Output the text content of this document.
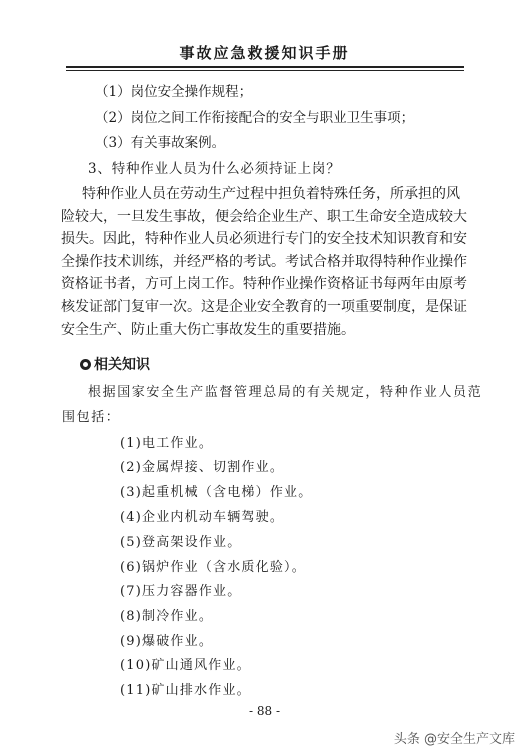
事故应急救援知识手册
（1）岗位安全操作规程；
（2）岗位之间工作衔接配合的安全与职业卫生事项；
（3）有关事故案例。
3、特种作业人员为什么必须持证上岗？
特种作业人员在劳动生产过程中担负着特殊任务，所承担的风
险较大，一旦发生事故，便会给企业生产、职工生命安全造成较大
损失。因此，特种作业人员必须进行专门的安全技术知识教育和安
全操作技术训练，并经严格的考试。考试合格并取得特种作业操作
资格证书者，方可上岗工作。特种作业操作资格证书每两年由原考
核发证部门复审一次。这是企业安全教育的一项重要制度，是保证
安全生产、防止重大伤亡事故发生的重要措施。
相关知识
根据国家安全生产监督管理总局的有关规定，特种作业人员范
围包括：
(1)电工作业。
(2)金属焊接、切割作业。
(3)起重机械（含电梯）作业。
(4)企业内机动车辆驾驶。
(5)登高架设作业。
(6)锅炉作业（含水质化验）。
(7)压力容器作业。
(8)制冷作业。
(9)爆破作业。
(10)矿山通风作业。
(11)矿山排水作业。
- 88 -
头条 @安全生产文库
